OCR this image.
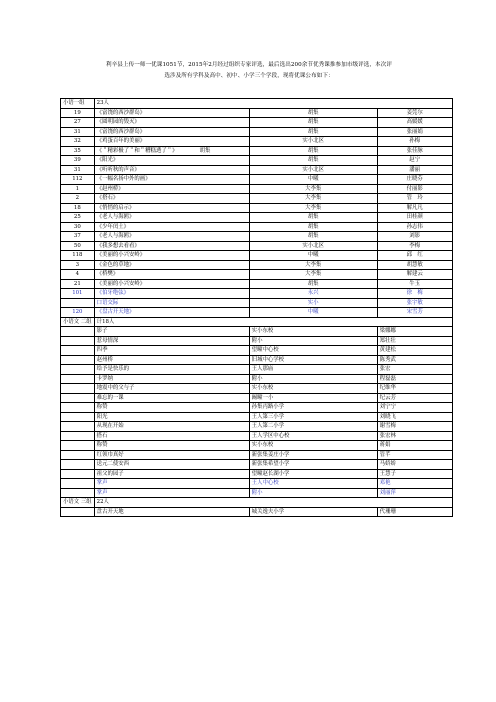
利辛县上传一师一优课1051节，2015年2月经过组织专家评选，最后选出200余节优秀课推参加市级评选，本次评
选涉及所有学科及高中、初中、小学三个学段，现将优课公布如下：
小语一组	23人		
19	《富饶的西沙群岛》	胡集	姜莞尔
27	《圆明园的毁灭》	胡集	高媛媛
31	《富饶的西沙群岛》	胡集	张丽娟
32	《鸡蛋百年的美丽》	实小北区	孙梅
35	《＂精彩极了＂和＂糟糕透了＂》 胡集	胡集	张佳脉
39	《阳光》	胡集	赵宁
31	《听听秋的声音》	实小北区	潘丽
112	《一幅名扬中外的画》	中曦	庄晓芬
1	《赵州桥》	大李集	付丽影
2	《搭石》	大李集	管　玲
18	《悄悄的启示》	大李集	解凡凡
25	《老人与海鸥》	胡集	田桂颜
30	《少年闰土》	胡集	孙志伟
37	《老人与海鸥》	胡集	刘影
50	《我多想去看看》	实小北区	李梅
118	《美丽的小兴安岭》	中曦	邱　红
3	《金色的草地》	大李集	胡慧敏
4	《桥樊》	大李集	解建云
21	《美丽的小兴安岭》	胡集	牛玉
101	《伯牙绝弦》	永兴	徐　梅
	口语交际	实小	张宇敏
120	《盘古开天地》	中曦	宋雪芳
小语文 二组	计18人		
	影子	实小东校	梁娜娜
	惹母情深	附小	郑壮壮
	四季	望疃中心校	黄建松
	赵州桥	旧城中心学校	陈秀武
	给予是快乐的	王人那庙	张宏
	卡罗纳	附小	程磊磊
	地震中的父与子	实小东校	纪维华
	难忘的一课	阚疃一小	纪云芳
	称赞	孙集丙路小学	刘宁宁
	阳光	王人第三小学	刘晓飞
	从现在开始	王人第二小学	谢雪梅
	搭石	王人学区中心校	张宏林
	称赞	实小东校	蒋娟
	红领巾真好	新张集姜庄小学	管芊
	送元二使安西	新张集希望小学	马娇娇
	祖父的园子	望疃赵长湖小学	王慧子
	掌声	王人中心校	邓艳
	掌声	附小	刘丽萍
小语文 三组	22人		
	盘古开天地	城关逸夫小学	代珊珊
